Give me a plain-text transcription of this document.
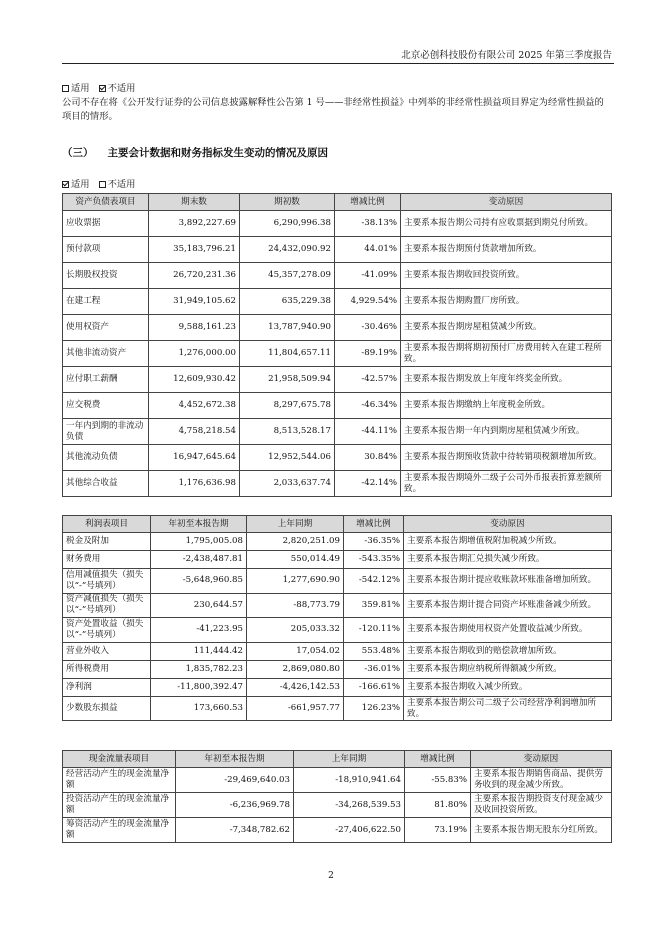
北京必创科技股份有限公司 2025 年第三季度报告
适用 不适用
公司不存在将《公开发行证券的公司信息披露解释性公告第 1 号——非经常性损益》中列举的非经常性损益项目界定为经常性损益的项目的情形。
（三） 主要会计数据和财务指标发生变动的情况及原因
适用 不适用
资产负债表项目	期末数	期初数	增减比例	变动原因
应收票据	3,892,227.69	6,290,996.38	-38.13%	主要系本报告期公司持有应收票据到期兑付所致。
预付款项	35,183,796.21	24,432,090.92	44.01%	主要系本报告期预付货款增加所致。
长期股权投资	26,720,231.36	45,357,278.09	-41.09%	主要系本报告期收回投资所致。
在建工程	31,949,105.62	635,229.38	4,929.54%	主要系本报告期购置厂房所致。
使用权资产	9,588,161.23	13,787,940.90	-30.46%	主要系本报告期房屋租赁减少所致。
其他非流动资产	1,276,000.00	11,804,657.11	-89.19%	主要系本报告期将期初预付厂房费用转入在建工程所致。
应付职工薪酬	12,609,930.42	21,958,509.94	-42.57%	主要系本报告期发放上年度年终奖金所致。
应交税费	4,452,672.38	8,297,675.78	-46.34%	主要系本报告期缴纳上年度税金所致。
一年内到期的非流动负债	4,758,218.54	8,513,528.17	-44.11%	主要系本报告期一年内到期房屋租赁减少所致。
其他流动负债	16,947,645.64	12,952,544.06	30.84%	主要系本报告期预收货款中待转销项税额增加所致。
其他综合收益	1,176,636.98	2,033,637.74	-42.14%	主要系本报告期境外二级子公司外币报表折算差额所致。
利润表项目	年初至本报告期	上年同期	增减比例	变动原因
税金及附加	1,795,005.08	2,820,251.09	-36.35%	主要系本报告期增值税附加税减少所致。
财务费用	-2,438,487.81	550,014.49	-543.35%	主要系本报告期汇兑损失减少所致。
信用减值损失（损失以“-”号填列）	-5,648,960.85	1,277,690.90	-542.12%	主要系本报告期计提应收账款坏账准备增加所致。
资产减值损失（损失以“-”号填列）	230,644.57	-88,773.79	359.81%	主要系本报告期计提合同资产坏账准备减少所致。
资产处置收益（损失以“-”号填列）	-41,223.95	205,033.32	-120.11%	主要系本报告期使用权资产处置收益减少所致。
营业外收入	111,444.42	17,054.02	553.48%	主要系本报告期收到的赔偿款增加所致。
所得税费用	1,835,782.23	2,869,080.80	-36.01%	主要系本报告期应纳税所得额减少所致。
净利润	-11,800,392.47	-4,426,142.53	-166.61%	主要系本报告期收入减少所致。
少数股东损益	173,660.53	-661,957.77	126.23%	主要系本报告期公司二级子公司经营净利润增加所致。
现金流量表项目	年初至本报告期	上年同期	增减比例	变动原因
经营活动产生的现金流量净额	-29,469,640.03	-18,910,941.64	-55.83%	主要系本报告期销售商品、提供劳务收到的现金减少所致。
投资活动产生的现金流量净额	-6,236,969.78	-34,268,539.53	81.80%	主要系本报告期投资支付现金减少及收回投资所致。
筹资活动产生的现金流量净额	-7,348,782.62	-27,406,622.50	73.19%	主要系本报告期无股东分红所致。
2
